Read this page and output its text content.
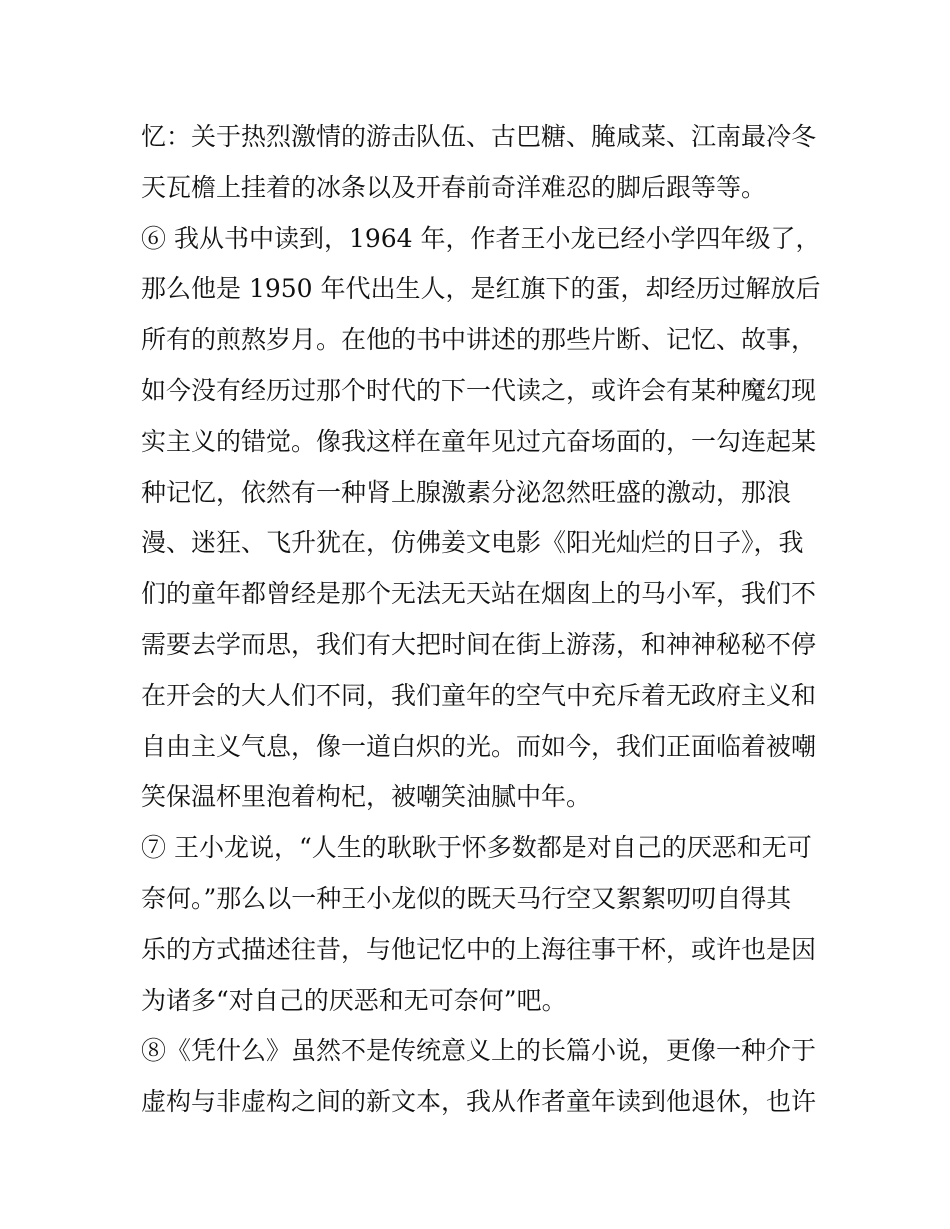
忆：关于热烈激情的游击队伍、古巴糖、腌咸菜、江南最冷冬
天瓦檐上挂着的冰条以及开春前奇洋难忍的脚后跟等等。
⑥ 我从书中读到，1964 年，作者王小龙已经小学四年级了，
那么他是 1950 年代出生人，是红旗下的蛋，却经历过解放后
所有的煎熬岁月。在他的书中讲述的那些片断、记忆、故事，
如今没有经历过那个时代的下一代读之，或许会有某种魔幻现
实主义的错觉。像我这样在童年见过亢奋场面的，一勾连起某
种记忆，依然有一种肾上腺激素分泌忽然旺盛的激动，那浪
漫、迷狂、飞升犹在，仿佛姜文电影《阳光灿烂的日子》，我
们的童年都曾经是那个无法无天站在烟囱上的马小军，我们不
需要去学而思，我们有大把时间在街上游荡，和神神秘秘不停
在开会的大人们不同，我们童年的空气中充斥着无政府主义和
自由主义气息，像一道白炽的光。而如今，我们正面临着被嘲
笑保温杯里泡着枸杞，被嘲笑油腻中年。
⑦ 王小龙说，“人生的耿耿于怀多数都是对自己的厌恶和无可
奈何。”那么以一种王小龙似的既天马行空又絮絮叨叨自得其
乐的方式描述往昔，与他记忆中的上海往事干杯，或许也是因
为诸多“对自己的厌恶和无可奈何”吧。
⑧《凭什么》虽然不是传统意义上的长篇小说，更像一种介于
虚构与非虚构之间的新文本，我从作者童年读到他退休，也许
